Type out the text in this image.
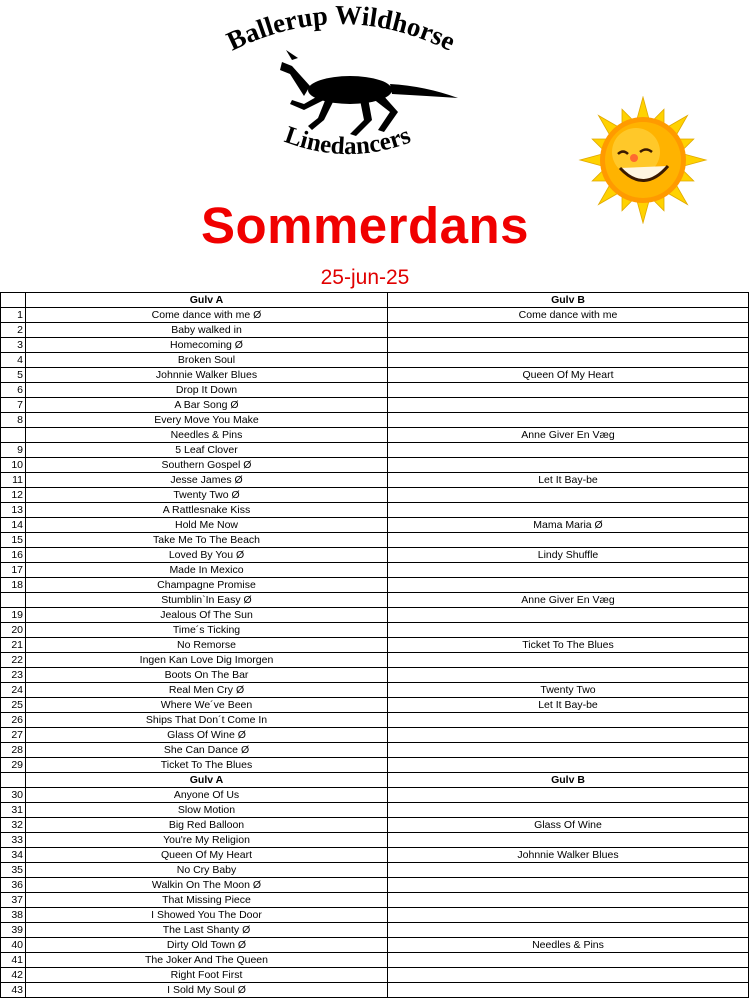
Ballerup Wildhorse
Linedancers
Sommerdans
25-jun-25
	Gulv A	Gulv B
1	Come dance with me Ø	Come dance with me
2	Baby walked in	
3	Homecoming Ø	
4	Broken Soul	
5	Johnnie Walker Blues	Queen Of My Heart
6	Drop It Down	
7	A Bar Song Ø	
8	Every Move You Make	
	Needles & Pins	Anne Giver En Væg
9	5 Leaf Clover	
10	Southern Gospel Ø	
11	Jesse James Ø	Let It Bay-be
12	Twenty Two Ø	
13	A Rattlesnake Kiss	
14	Hold Me Now	Mama Maria Ø
15	Take Me To The Beach	
16	Loved By You Ø	Lindy Shuffle
17	Made In Mexico	
18	Champagne Promise	
	Stumblin`In Easy Ø	Anne Giver En Væg
19	Jealous Of The Sun	
20	Time´s Ticking	
21	No Remorse	Ticket To The Blues
22	Ingen Kan Love Dig Imorgen	
23	Boots On The Bar	
24	Real Men Cry Ø	Twenty Two
25	Where We´ve Been	Let It Bay-be
26	Ships That Don´t Come In	
27	Glass Of Wine Ø	
28	She Can Dance Ø	
29	Ticket To The Blues	
	Gulv A	Gulv B
30	Anyone Of Us	
31	Slow Motion	
32	Big Red Balloon	Glass Of Wine
33	You're My Religion	
34	Queen Of My Heart	Johnnie Walker Blues
35	No Cry Baby	
36	Walkin On The Moon Ø	
37	That Missing Piece	
38	I Showed You The Door	
39	The Last Shanty Ø	
40	Dirty Old Town Ø	Needles & Pins
41	The Joker And The Queen	
42	Right Foot First	
43	I Sold My Soul Ø	
